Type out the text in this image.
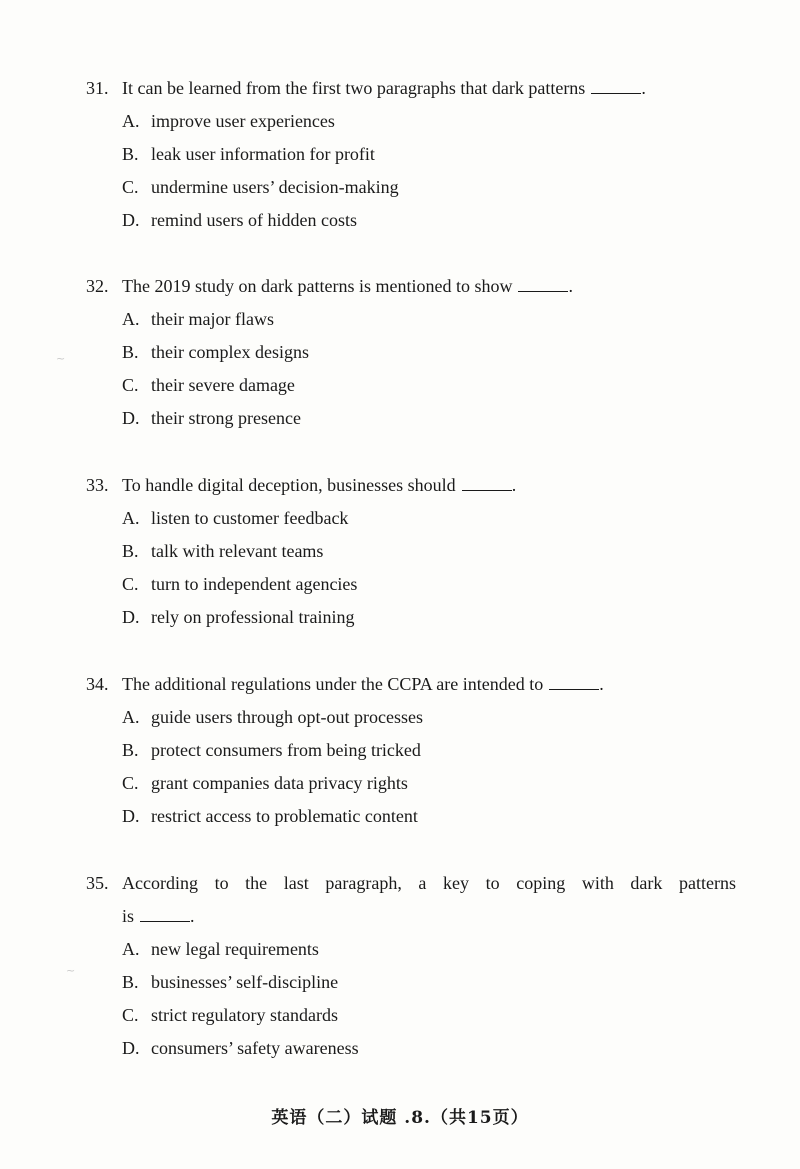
~
~
31. It can be learned from the first two paragraphs that dark patterns	.
A. improve user experiences
B. leak user information for profit
C. undermine users’ decision-making
D. remind users of hidden costs
32. The 2019 study on dark patterns is mentioned to show	.
A. their major flaws
B. their complex designs
C. their severe damage
D. their strong presence
33. To handle digital deception, businesses should	.
A. listen to customer feedback
B. talk with relevant teams
C. turn to independent agencies
D. rely on professional training
34. The additional regulations under the CCPA are intended to	.
A. guide users through opt-out processes
B. protect consumers from being tricked
C. grant companies data privacy rights
D. restrict access to problematic content
35. According to the last paragraph, a key to coping with dark patterns
is	.
A. new legal requirements
B. businesses’ self-discipline
C. strict regulatory standards
D. consumers’ safety awareness
英语（二）试题 .8.（共15页）
